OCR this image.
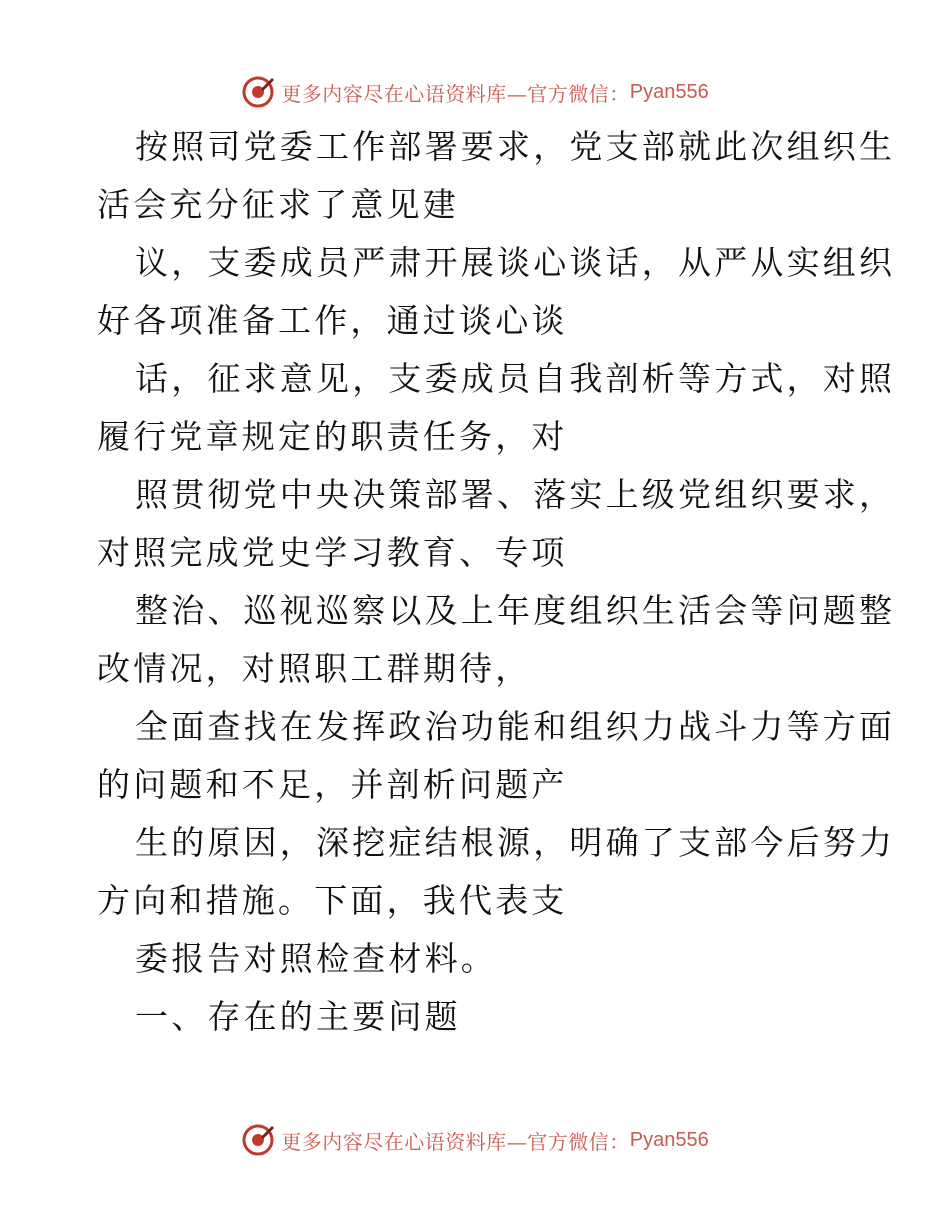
更多内容尽在心语资料库—官方微信： Pyan556
按照司党委工作部署要求，党支部就此次组织生
活会充分征求了意见建
议，支委成员严肃开展谈心谈话，从严从实组织
好各项准备工作，通过谈心谈
话，征求意见，支委成员自我剖析等方式，对照
履行党章规定的职责任务，对
照贯彻党中央决策部署、落实上级党组织要求，
对照完成党史学习教育、专项
整治、巡视巡察以及上年度组织生活会等问题整
改情况，对照职工群期待，
全面查找在发挥政治功能和组织力战斗力等方面
的问题和不足，并剖析问题产
生的原因，深挖症结根源，明确了支部今后努力
方向和措施。下面，我代表支
委报告对照检查材料。
一、存在的主要问题
更多内容尽在心语资料库—官方微信： Pyan556
